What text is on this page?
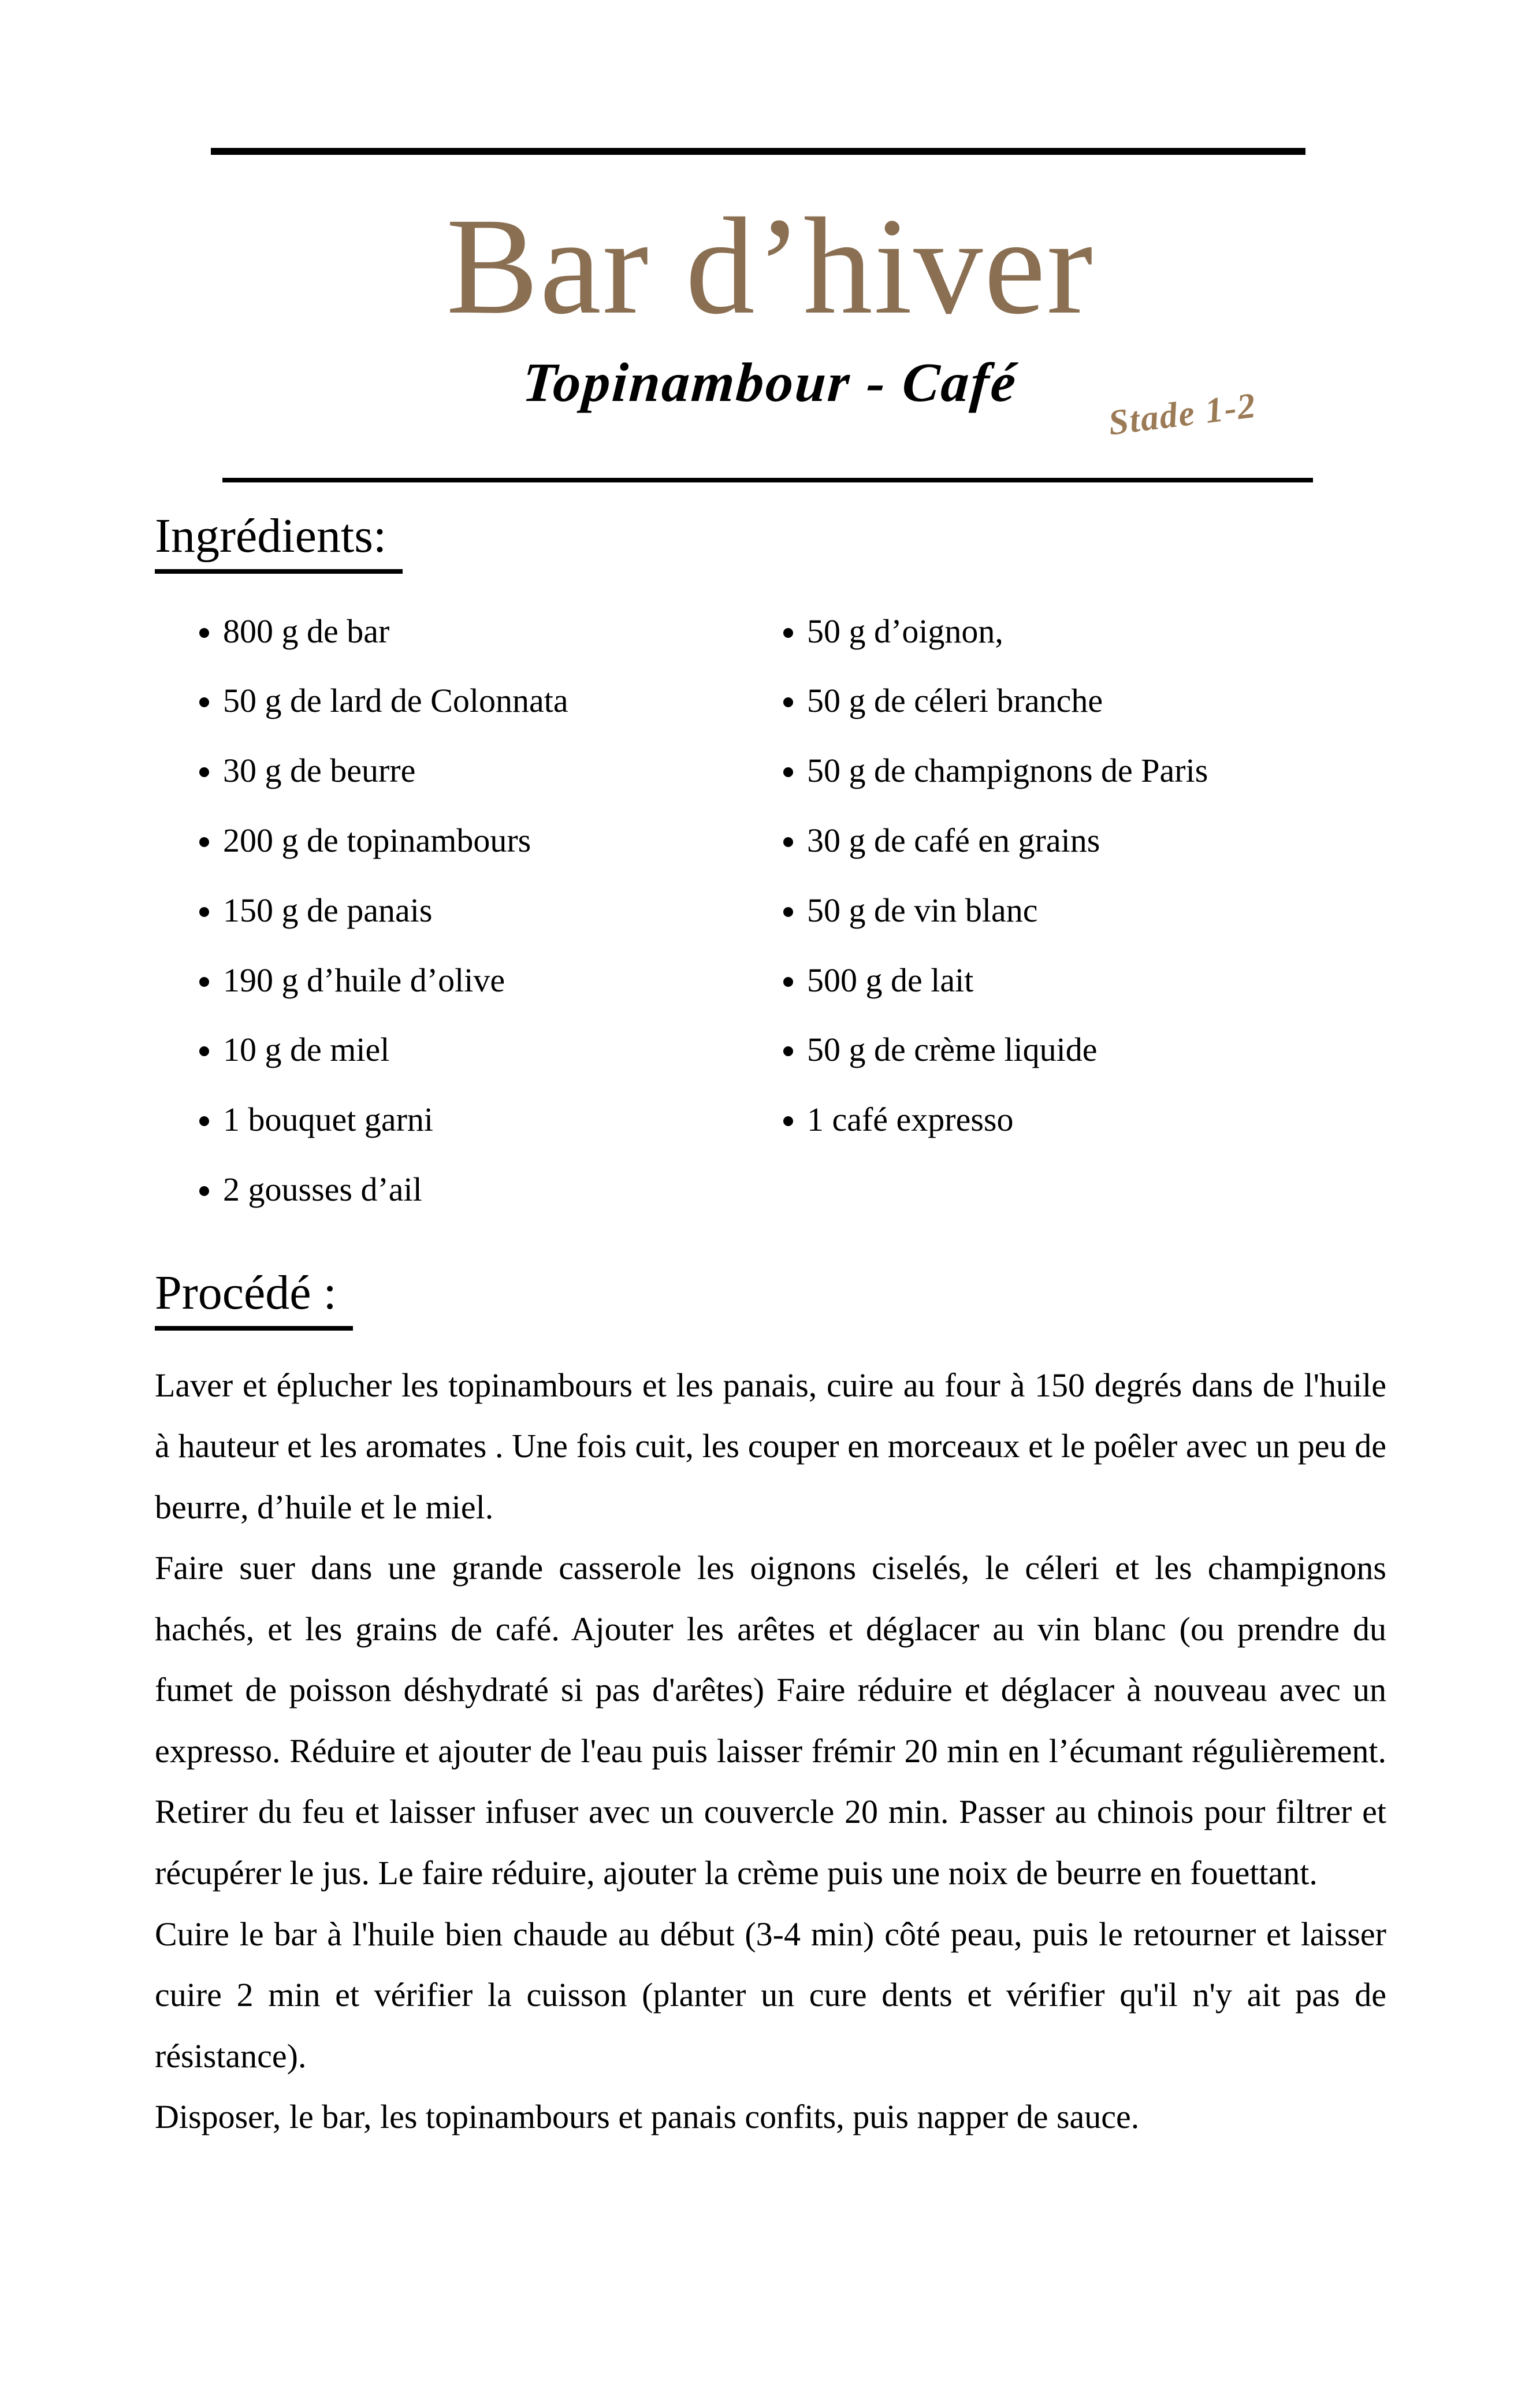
Bar d’hiver
Topinambour - Café
Stade 1-2
Ingrédients:
• 800 g de bar
• 50 g de lard de Colonnata
• 30 g de beurre
• 200 g de topinambours
• 150 g de panais
• 190 g d’huile d’olive
• 10 g de miel
• 1 bouquet garni
• 2 gousses d’ail
• 50 g d’oignon,
• 50 g de céleri branche
• 50 g de champignons de Paris
• 30 g de café en grains
• 50 g de vin blanc
• 500 g de lait
• 50 g de crème liquide
• 1 café expresso
Procédé :

Laver et éplucher les topinambours et les panais, cuire au four à 150 degrés dans de l'huile à hauteur et les aromates . Une fois cuit, les couper en morceaux et le poêler avec un peu de beurre, d’huile et le miel.

Faire suer dans une grande casserole les oignons ciselés, le céleri et les champignons hachés, et les grains de café. Ajouter les arêtes et déglacer au vin blanc (ou prendre du fumet de poisson déshydraté si pas d'arêtes) Faire réduire et déglacer à nouveau avec un expresso. Réduire et ajouter de l'eau puis laisser frémir 20 min en l’écumant régulièrement. Retirer du feu et laisser infuser avec un couvercle 20 min. Passer au chinois pour filtrer et récupérer le jus. Le faire réduire, ajouter la crème puis une noix de beurre en fouettant.

Cuire le bar à l'huile bien chaude au début (3-4 min) côté peau, puis le retourner et laisser cuire 2 min et vérifier la cuisson (planter un cure dents et vérifier qu'il n'y ait pas de résistance).

Disposer, le bar, les topinambours et panais confits, puis napper de sauce.
